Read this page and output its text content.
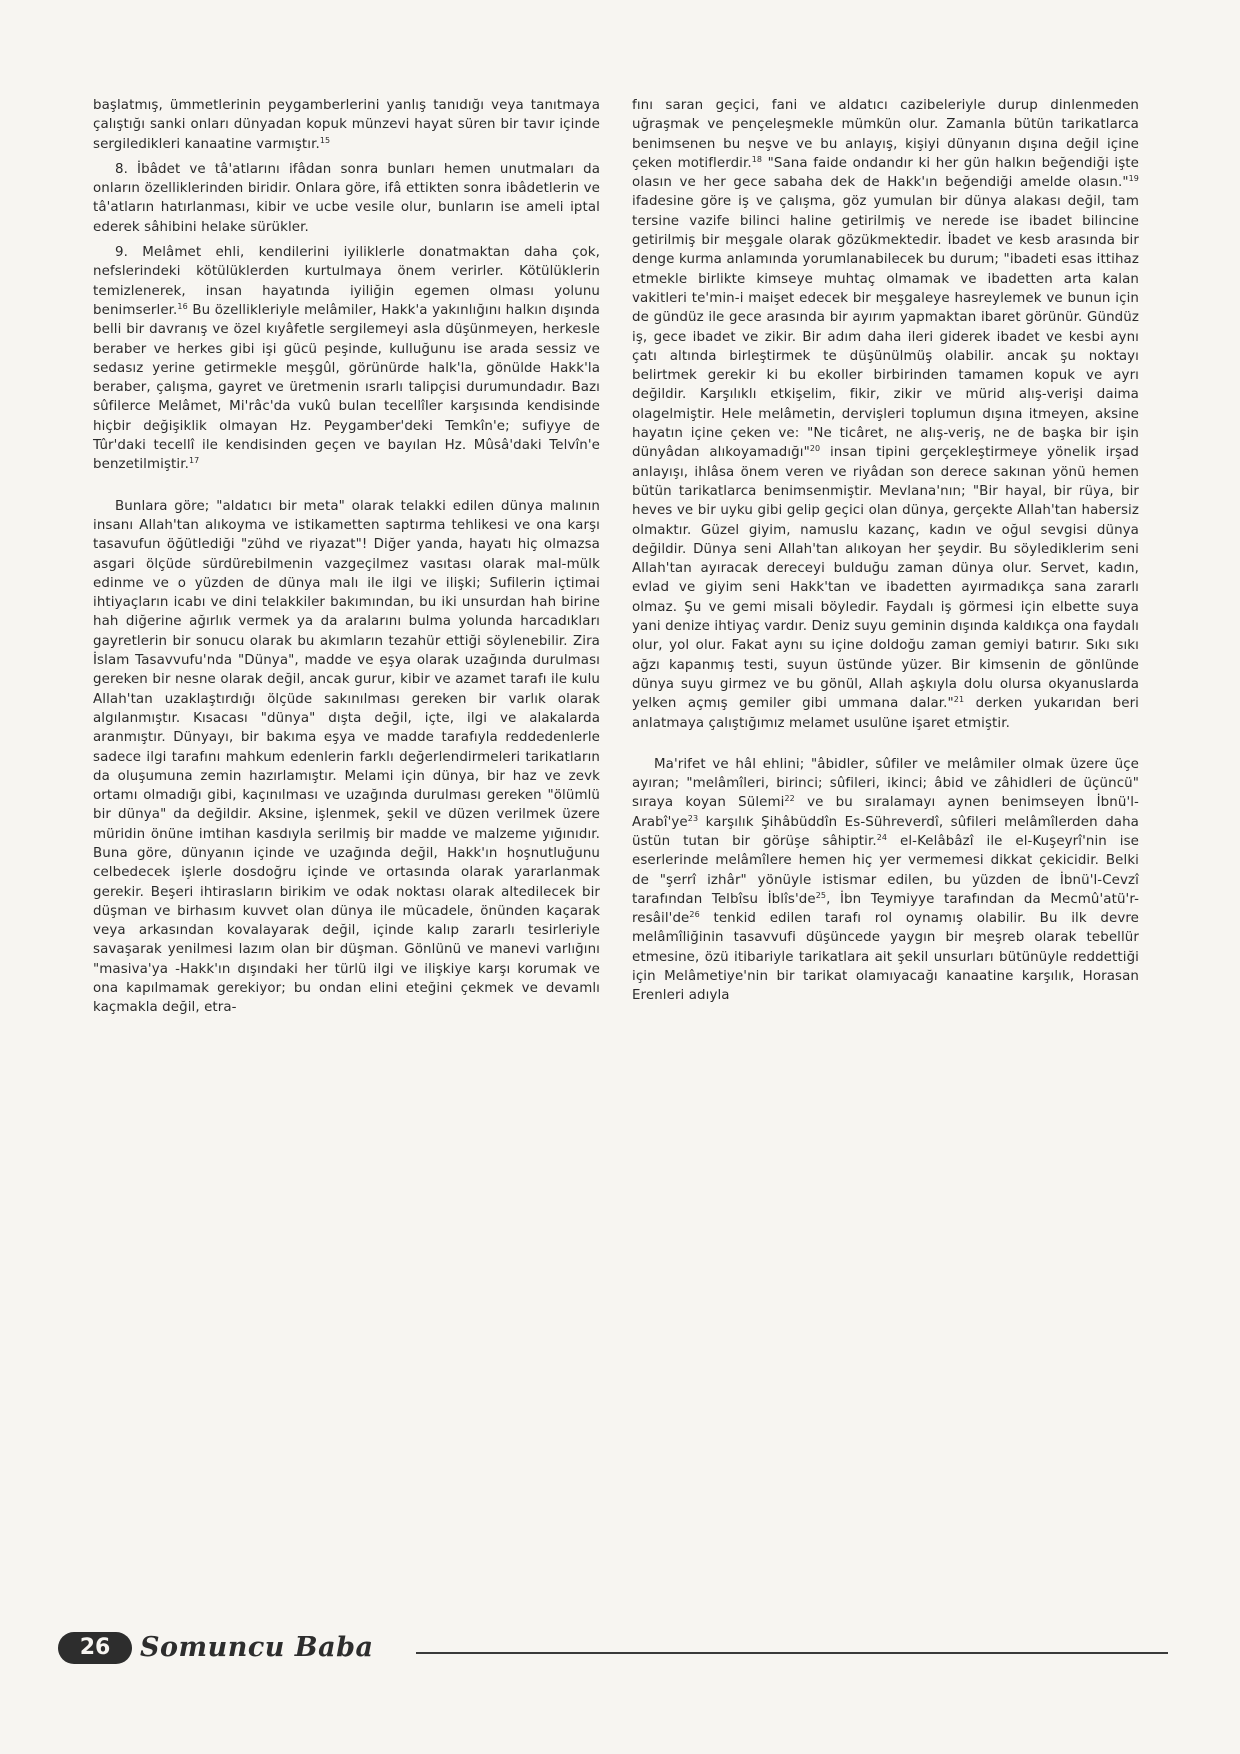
başlatmış, ümmetlerinin peygamberlerini yanlış tanıdığı veya tanıtmaya çalıştığı sanki onları dünyadan kopuk münzevi hayat süren bir tavır içinde sergiledikleri kanaatine varmıştır.$^{15}$

8. İbâdet ve tâ'atlarını ifâdan sonra bunları hemen unutmaları da onların özelliklerinden biridir. Onlara göre, ifâ ettikten sonra ibâdetlerin ve tâ'atların hatırlanması, kibir ve ucbe vesile olur, bunların ise ameli iptal ederek sâhibini helake sürükler.

9. Melâmet ehli, kendilerini iyiliklerle donatmaktan daha çok, nefslerindeki kötülüklerden kurtulmaya önem verirler. Kötülüklerin temizlenerek, insan hayatında iyiliğin egemen olması yolunu benimserler.$^{16}$ Bu özellikleriyle melâmiler, Hakk'a yakınlığını halkın dışında belli bir davranış ve özel kıyâfetle sergilemeyi asla düşünmeyen, herkesle beraber ve herkes gibi işi gücü peşinde, kulluğunu ise arada sessiz ve sedasız yerine getirmekle meşgûl, görünürde halk'la, gönülde Hakk'la beraber, çalışma, gayret ve üretmenin ısrarlı talipçisi durumundadır. Bazı sûfilerce Melâmet, Mi'râc'da vukû bulan tecellîler karşısında kendisinde hiçbir değişiklik olmayan Hz. Peygamber'deki Temkîn'e; sufiyye de Tûr'daki tecellî ile kendisinden geçen ve bayılan Hz. Mûsâ'daki Telvîn'e benzetilmiştir.$^{17}$

Bunlara göre; "aldatıcı bir meta" olarak telakki edilen dünya malının insanı Allah'tan alıkoyma ve istikametten saptırma tehlikesi ve ona karşı tasavufun öğütlediği "zühd ve riyazat"! Diğer yanda, hayatı hiç olmazsa asgari ölçüde sürdürebilmenin vazgeçilmez vasıtası olarak mal-mülk edinme ve o yüzden de dünya malı ile ilgi ve ilişki; Sufilerin içtimai ihtiyaçların icabı ve dini telakkiler bakımından, bu iki unsurdan hah birine hah diğerine ağırlık vermek ya da aralarını bulma yolunda harcadıkları gayretlerin bir sonucu olarak bu akımların tezahür ettiği söylenebilir. Zira İslam Tasavvufu'nda "Dünya", madde ve eşya olarak uzağında durulması gereken bir nesne olarak değil, ancak gurur, kibir ve azamet tarafı ile kulu Allah'tan uzaklaştırdığı ölçüde sakınılması gereken bir varlık olarak algılanmıştır. Kısacası "dünya" dışta değil, içte, ilgi ve alakalarda aranmıştır. Dünyayı, bir bakıma eşya ve madde tarafıyla reddedenlerle sadece ilgi tarafını mahkum edenlerin farklı değerlendirmeleri tarikatların da oluşumuna zemin hazırlamıştır. Melami için dünya, bir haz ve zevk ortamı olmadığı gibi, kaçınılması ve uzağında durulması gereken "ölümlü bir dünya" da değildir. Aksine, işlenmek, şekil ve düzen verilmek üzere müridin önüne imtihan kasdıyla serilmiş bir madde ve malzeme yığınıdır. Buna göre, dünyanın içinde ve uzağında değil, Hakk'ın hoşnutluğunu celbedecek işlerle dosdoğru içinde ve ortasında olarak yararlanmak gerekir. Beşeri ihtirasların birikim ve odak noktası olarak altedilecek bir düşman ve birhasım kuvvet olan dünya ile mücadele, önünden kaçarak veya arkasından kovalayarak değil, içinde kalıp zararlı tesirleriyle savaşarak yenilmesi lazım olan bir düşman. Gönlünü ve manevi varlığını "masiva'ya -Hakk'ın dışındaki her türlü ilgi ve ilişkiye karşı korumak ve ona kapılmamak gerekiyor; bu ondan elini eteğini çekmek ve devamlı kaçmakla değil, etra-

fını saran geçici, fani ve aldatıcı cazibeleriyle durup dinlenmeden uğraşmak ve pençeleşmekle mümkün olur. Zamanla bütün tarikatlarca benimsenen bu neşve ve bu anlayış, kişiyi dünyanın dışına değil içine çeken motiflerdir.$^{18}$ "Sana faide ondandır ki her gün halkın beğendiği işte olasın ve her gece sabaha dek de Hakk'ın beğendiği amelde olasın."$^{19}$ ifadesine göre iş ve çalışma, göz yumulan bir dünya alakası değil, tam tersine vazife bilinci haline getirilmiş ve nerede ise ibadet bilincine getirilmiş bir meşgale olarak gözükmektedir. İbadet ve kesb arasında bir denge kurma anlamında yorumlanabilecek bu durum; "ibadeti esas ittihaz etmekle birlikte kimseye muhtaç olmamak ve ibadetten arta kalan vakitleri te'min-i maişet edecek bir meşgaleye hasreylemek ve bunun için de gündüz ile gece arasında bir ayırım yapmaktan ibaret görünür. Gündüz iş, gece ibadet ve zikir. Bir adım daha ileri giderek ibadet ve kesbi aynı çatı altında birleştirmek te düşünülmüş olabilir. ancak şu noktayı belirtmek gerekir ki bu ekoller birbirinden tamamen kopuk ve ayrı değildir. Karşılıklı etkişelim, fikir, zikir ve mürid alış-verişi daima olagelmiştir. Hele melâmetin, dervişleri toplumun dışına itmeyen, aksine hayatın içine çeken ve: "Ne ticâret, ne alış-veriş, ne de başka bir işin dünyâdan alıkoyamadığı"$^{20}$ insan tipini gerçekleştirmeye yönelik irşad anlayışı, ihlâsa önem veren ve riyâdan son derece sakınan yönü hemen bütün tarikatlarca benimsenmiştir. Mevlana'nın; "Bir hayal, bir rüya, bir heves ve bir uyku gibi gelip geçici olan dünya, gerçekte Allah'tan habersiz olmaktır. Güzel giyim, namuslu kazanç, kadın ve oğul sevgisi dünya değildir. Dünya seni Allah'tan alıkoyan her şeydir. Bu söylediklerim seni Allah'tan ayıracak dereceyi bulduğu zaman dünya olur. Servet, kadın, evlad ve giyim seni Hakk'tan ve ibadetten ayırmadıkça sana zararlı olmaz. Şu ve gemi misali böyledir. Faydalı iş görmesi için elbette suya yani denize ihtiyaç vardır. Deniz suyu geminin dışında kaldıkça ona faydalı olur, yol olur. Fakat aynı su içine doldoğu zaman gemiyi batırır. Sıkı sıkı ağzı kapanmış testi, suyun üstünde yüzer. Bir kimsenin de gönlünde dünya suyu girmez ve bu gönül, Allah aşkıyla dolu olursa okyanuslarda yelken açmış gemiler gibi ummana dalar."$^{21}$ derken yukarıdan beri anlatmaya çalıştığımız melamet usulüne işaret etmiştir.

Ma'rifet ve hâl ehlini; "âbidler, sûfiler ve melâmiler olmak üzere üçe ayıran; "melâmîleri, birinci; sûfileri, ikinci; âbid ve zâhidleri de üçüncü" sıraya koyan Sülemi$^{22}$ ve bu sıralamayı aynen benimseyen $İbnü'l-Arabî'ye^{23}$ karşılık Şihâbüddîn Es-Sühreverdî, sûfileri melâmîlerden daha üstün tutan bir görüşe sâhiptir.$^{24}$ el-Kelâbâzî ile el-Kuşeyrî'nin ise eserlerinde melâmîlere hemen hiç yer vermemesi dikkat çekicidir. Belki de "şerrî izhâr" yönüyle istismar edilen, bu yüzden de İbnü'l-Cevzî tarafından Telbîsu $İblîs'de^{25}$, İbn Teymiyye tarafından da $Mecmû'atü'r-resâil'de^{26}$ tenkid edilen tarafı rol oynamış olabilir. Bu ilk devre melâmîliğinin tasavvufi düşüncede yaygın bir meşreb olarak tebellür etmesine, özü itibariyle tarikatlara ait şekil unsurları bütünüyle reddettiği için Melâmetiye'nin bir tarikat olamıyacağı kanaatine karşılık, Horasan Erenleri adıyla

26	Somuncu Baba
